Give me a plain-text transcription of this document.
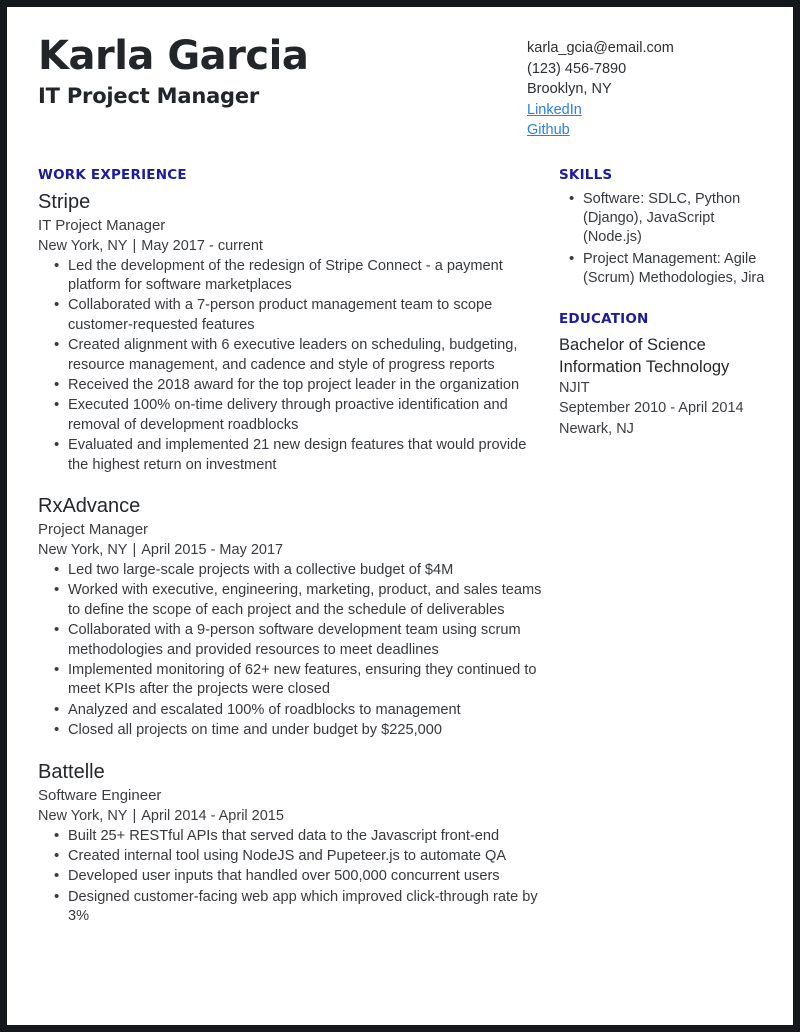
Karla Garcia
IT Project Manager
karla_gcia@email.com
(123) 456-7890
Brooklyn, NY
LinkedIn
Github
WORK EXPERIENCE
Stripe
IT Project Manager
New York, NY | May 2017 - current
• Led the development of the redesign of Stripe Connect - a payment platform for software marketplaces
• Collaborated with a 7-person product management team to scope customer-requested features
• Created alignment with 6 executive leaders on scheduling, budgeting, resource management, and cadence and style of progress reports
• Received the 2018 award for the top project leader in the organization
• Executed 100% on-time delivery through proactive identification and removal of development roadblocks
• Evaluated and implemented 21 new design features that would provide the highest return on investment
RxAdvance
Project Manager
New York, NY | April 2015 - May 2017
• Led two large-scale projects with a collective budget of $4M
• Worked with executive, engineering, marketing, product, and sales teams to define the scope of each project and the schedule of deliverables
• Collaborated with a 9-person software development team using scrum methodologies and provided resources to meet deadlines
• Implemented monitoring of 62+ new features, ensuring they continued to meet KPIs after the projects were closed
• Analyzed and escalated 100% of roadblocks to management
• Closed all projects on time and under budget by $225,000
Battelle
Software Engineer
New York, NY | April 2014 - April 2015
• Built 25+ RESTful APIs that served data to the Javascript front-end
• Created internal tool using NodeJS and Pupeteer.js to automate QA
• Developed user inputs that handled over 500,000 concurrent users
• Designed customer-facing web app which improved click-through rate by 3%
SKILLS
• Software: SDLC, Python (Django), JavaScript (Node.js)
• Project Management: Agile (Scrum) Methodologies, Jira
EDUCATION
Bachelor of Science
Information Technology
NJIT
September 2010 - April 2014
Newark, NJ
